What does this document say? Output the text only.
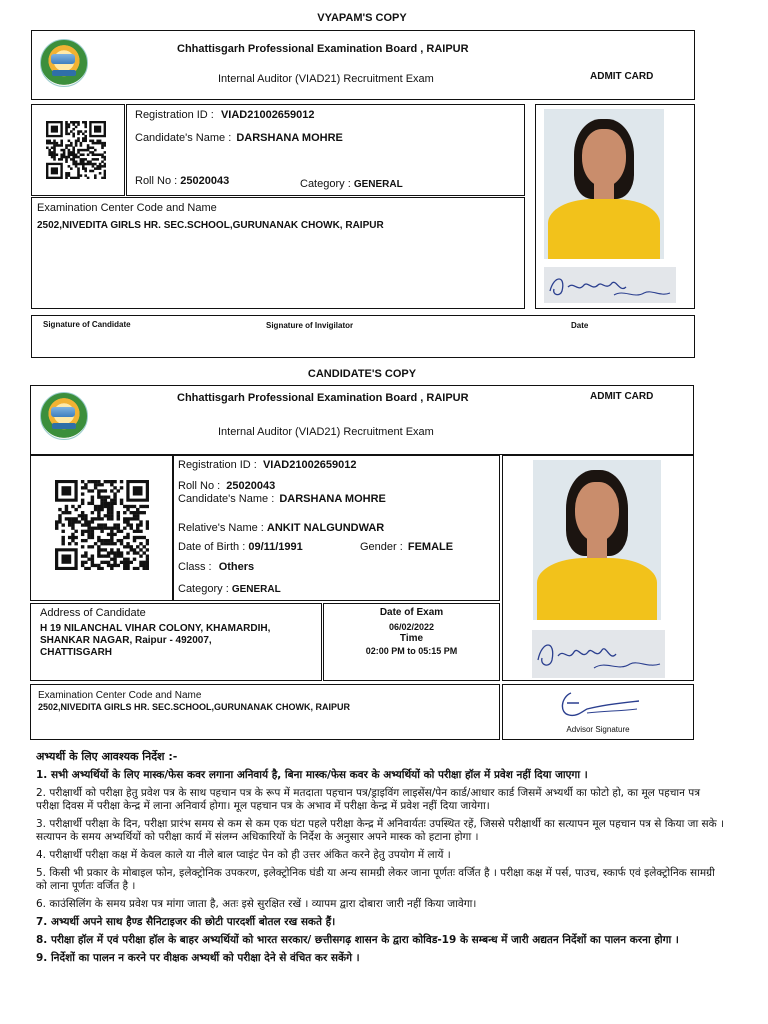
VYAPAM'S COPY
Chhattisgarh Professional Examination Board , RAIPUR
Internal Auditor (VIAD21) Recruitment Exam	ADMIT CARD
Registration ID : VIAD21002659012
Candidate's Name : DARSHANA MOHRE
Roll No : 25020043	Category : GENERAL
Examination Center Code and Name
2502,NIVEDITA GIRLS HR. SEC.SCHOOL,GURUNANAK CHOWK, RAIPUR
Signature of Candidate	Signature of Invigilator	Date
CANDIDATE'S COPY
Chhattisgarh Professional Examination Board , RAIPUR
Internal Auditor (VIAD21) Recruitment Exam
ADMIT CARD
Registration ID : VIAD21002659012
Roll No : 25020043
Candidate's Name : DARSHANA MOHRE
Relative's Name : ANKIT NALGUNDWAR
Date of Birth : 09/11/1991	Gender : FEMALE
Class : Others
Category : GENERAL
Address of Candidate
H 19 NILANCHAL VIHAR COLONY, KHAMARDIH,
SHANKAR NAGAR, Raipur - 492007,
CHATTISGARH
Date of Exam
06/02/2022
Time
02:00 PM to 05:15 PM
Examination Center Code and Name
2502,NIVEDITA GIRLS HR. SEC.SCHOOL,GURUNANAK CHOWK, RAIPUR
Advisor Signature

अभ्यर्थी के लिए आवश्यक निर्देश :-

1. सभी अभ्यर्थियों के लिए मास्क/फेस कवर लगाना अनिवार्य है, बिना मास्क/फेस कवर के अभ्यर्थियों को परीक्षा हॉल में प्रवेश नहीं दिया जाएगा ।

2. परीक्षार्थी को परीक्षा हेतु प्रवेश पत्र के साथ पहचान पत्र के रूप में मतदाता पहचान पत्र/ड्राइविंग लाइसेंस/पेन कार्ड/आधार कार्ड जिसमें अभ्यर्थी का फोटो हो, का मूल पहचान पत्र परीक्षा दिवस में परीक्षा केन्द्र में लाना अनिवार्य होगा। मूल पहचान पत्र के अभाव में परीक्षा केन्द्र में प्रवेश नहीं दिया जायेगा।

3. परीक्षार्थी परीक्षा के दिन, परीक्षा प्रारंभ समय से कम से कम एक घंटा पहले परीक्षा केन्द्र में अनिवार्यतः उपस्थित रहें, जिससे परीक्षार्थी का सत्यापन मूल पहचान पत्र से किया जा सके । सत्यापन के समय अभ्यर्थियों को परीक्षा कार्य में संलग्न अधिकारियों के निर्देश के अनुसार अपने मास्क को हटाना होगा ।

4. परीक्षार्थी परीक्षा कक्ष में केवल काले या नीले बाल प्वाइंट पेन को ही उत्तर अंकित करने हेतु उपयोग में लायें ।

5. किसी भी प्रकार के मोबाइल फोन, इलेक्ट्रोनिक उपकरण, इलेक्ट्रोनिक घंडी या अन्य सामग्री लेकर जाना पूर्णतः वर्जित है । परीक्षा कक्ष में पर्स, पाउच, स्कार्फ एवं इलेक्ट्रोनिक सामग्री को लाना पूर्णतः वर्जित है ।

6. काउंसिलिंग के समय प्रवेश पत्र मांगा जाता है, अतः इसे सुरक्षित रखें । व्यापम द्वारा दोबारा जारी नहीं किया जावेगा।

7. अभ्यर्थी अपने साथ हैण्ड सैनिटाइजर की छोटी पारदर्शी बोतल रख सकते हैं।

8. परीक्षा हॉल में एवं परीक्षा हॉल के बाहर अभ्यर्थियों को भारत सरकार/ छत्तीसगढ़ शासन के द्वारा कोविड-19 के सम्बन्ध में जारी अद्यतन निर्देशों का पालन करना होगा ।

9. निर्देशों का पालन न करने पर वीक्षक अभ्यर्थी को परीक्षा देने से वंचित कर सकेंगे ।
